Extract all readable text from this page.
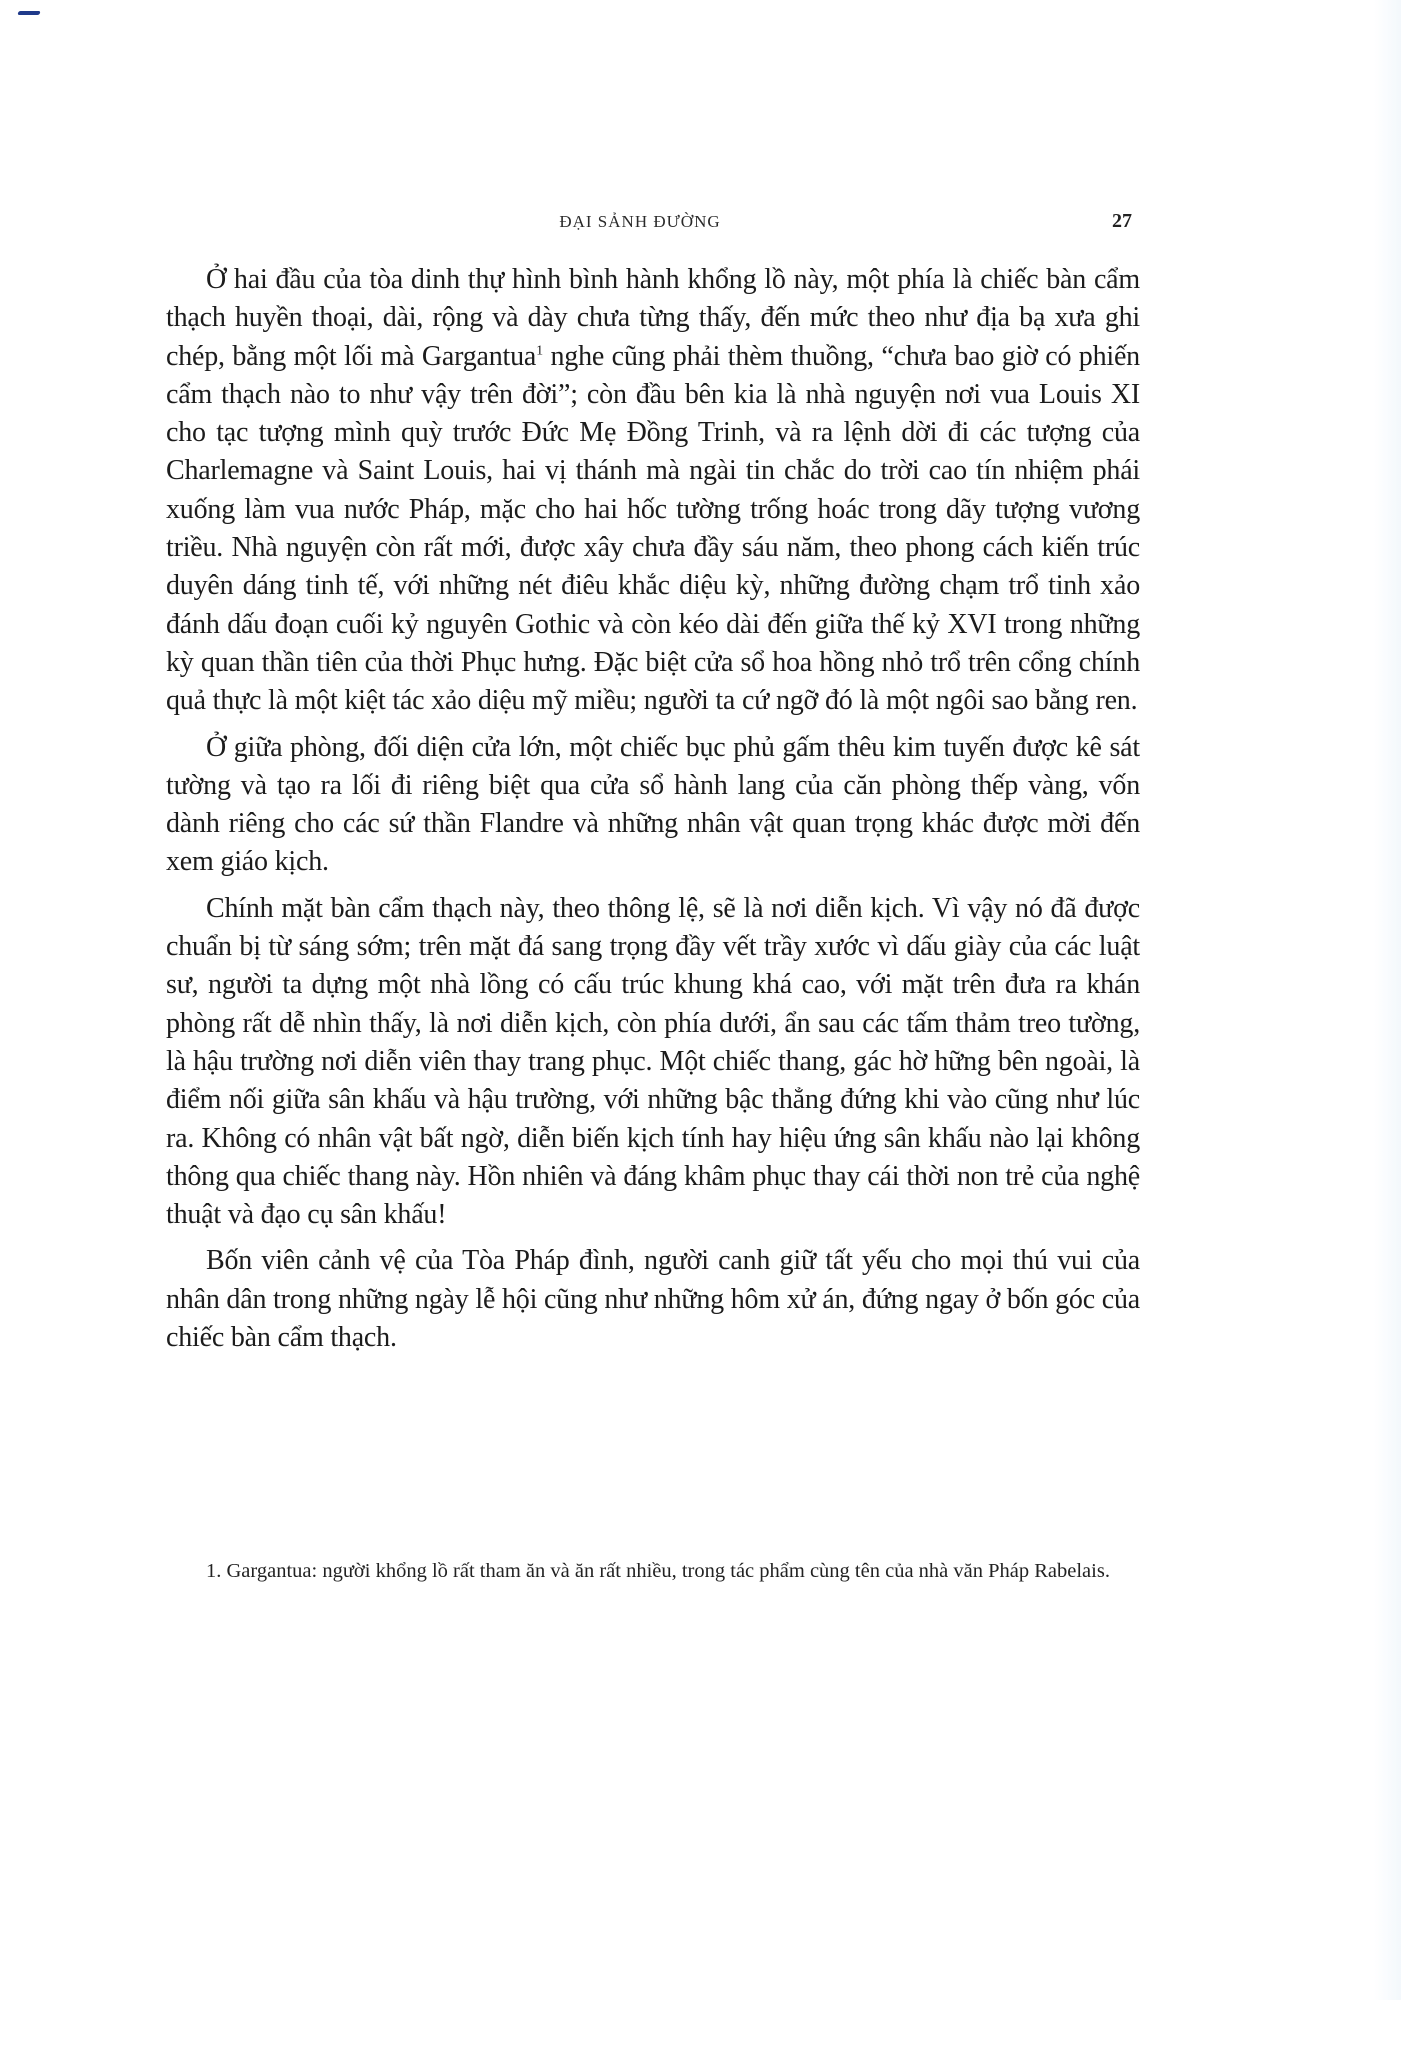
ĐẠI SẢNH ĐƯỜNG	27

Ở hai đầu của tòa dinh thự hình bình hành khổng lồ này, một phía là chiếc bàn cẩm thạch huyền thoại, dài, rộng và dày chưa từng thấy, đến mức theo như địa bạ xưa ghi chép, bằng một lối mà Gargantua$^1$ nghe cũng phải thèm thuồng, “chưa bao giờ có phiến cẩm thạch nào to như vậy trên đời”; còn đầu bên kia là nhà nguyện nơi vua Louis XI cho tạc tượng mình quỳ trước Đức Mẹ Đồng Trinh, và ra lệnh dời đi các tượng của Charlemagne và Saint Louis, hai vị thánh mà ngài tin chắc do trời cao tín nhiệm phái xuống làm vua nước Pháp, mặc cho hai hốc tường trống hoác trong dãy tượng vương triều. Nhà nguyện còn rất mới, được xây chưa đầy sáu năm, theo phong cách kiến trúc duyên dáng tinh tế, với những nét điêu khắc diệu kỳ, những đường chạm trổ tinh xảo đánh dấu đoạn cuối kỷ nguyên Gothic và còn kéo dài đến giữa thế kỷ XVI trong những kỳ quan thần tiên của thời Phục hưng. Đặc biệt cửa sổ hoa hồng nhỏ trổ trên cổng chính quả thực là một kiệt tác xảo diệu mỹ miều; người ta cứ ngỡ đó là một ngôi sao bằng ren.

Ở giữa phòng, đối diện cửa lớn, một chiếc bục phủ gấm thêu kim tuyến được kê sát tường và tạo ra lối đi riêng biệt qua cửa sổ hành lang của căn phòng thếp vàng, vốn dành riêng cho các sứ thần Flandre và những nhân vật quan trọng khác được mời đến xem giáo kịch.

Chính mặt bàn cẩm thạch này, theo thông lệ, sẽ là nơi diễn kịch. Vì vậy nó đã được chuẩn bị từ sáng sớm; trên mặt đá sang trọng đầy vết trầy xước vì dấu giày của các luật sư, người ta dựng một nhà lồng có cấu trúc khung khá cao, với mặt trên đưa ra khán phòng rất dễ nhìn thấy, là nơi diễn kịch, còn phía dưới, ẩn sau các tấm thảm treo tường, là hậu trường nơi diễn viên thay trang phục. Một chiếc thang, gác hờ hững bên ngoài, là điểm nối giữa sân khấu và hậu trường, với những bậc thẳng đứng khi vào cũng như lúc ra. Không có nhân vật bất ngờ, diễn biến kịch tính hay hiệu ứng sân khấu nào lại không thông qua chiếc thang này. Hồn nhiên và đáng khâm phục thay cái thời non trẻ của nghệ thuật và đạo cụ sân khấu!

Bốn viên cảnh vệ của Tòa Pháp đình, người canh giữ tất yếu cho mọi thú vui của nhân dân trong những ngày lễ hội cũng như những hôm xử án, đứng ngay ở bốn góc của chiếc bàn cẩm thạch.

1. Gargantua: người khổng lồ rất tham ăn và ăn rất nhiều, trong tác phẩm cùng tên của nhà văn Pháp Rabelais.
